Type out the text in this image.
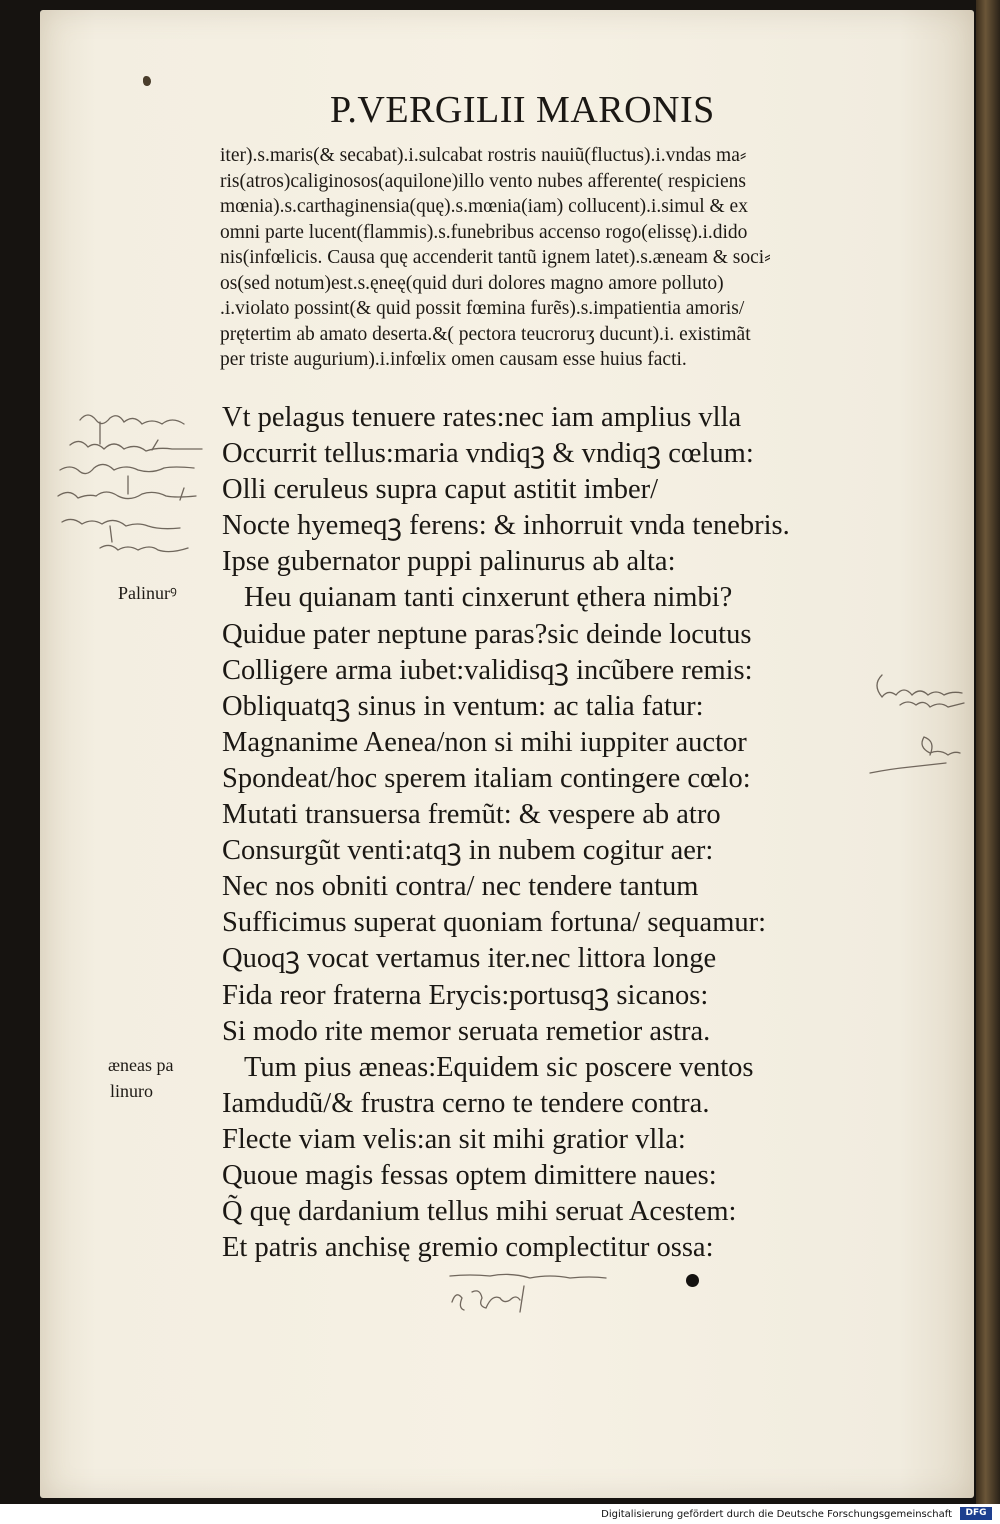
P.VERGILII MARONIS
iter).s.maris(& secabat).i.sulcabat rostris nauiũ(fluctus).i.vndas ma⸗
ris(atros)caliginosos(aquilone)illo vento nubes afferente( respiciens
mœnia).s.carthaginensia(quę).s.mœnia(iam) collucent).i.simul & ex
omni parte lucent(flammis).s.funebribus accenso rogo(elissę).i.dido
nis(infœlicis. Causa quę accenderit tantũ ignem latet).s.æneam & soci⸗
os(sed notum)est.s.ęneę(quid duri dolores magno amore polluto)
.i.violato possint(& quid possit fœmina furẽs).s.impatientia amoris/
prętertim ab amato deserta.&( pectora teucroruʒ ducunt).i. existimãt
per triste augurium).i.infœlix omen causam esse huius facti.
Vt pelagus tenuere rates:nec iam amplius vlla
Occurrit tellus:maria vndiqꝫ & vndiqꝫ cœlum:
Olli ceruleus supra caput astitit imber/
Nocte hyemeqꝫ ferens: & inhorruit vnda tenebris.
Ipse gubernator puppi palinurus ab alta:
Heu quianam tanti cinxerunt ęthera nimbi?
Quidue pater neptune paras?sic deinde locutus
Colligere arma iubet:validisqꝫ incũbere remis:
Obliquatqꝫ sinus in ventum: ac talia fatur:
Magnanime Aenea/non si mihi iuppiter auctor
Spondeat/hoc sperem italiam contingere cœlo:
Mutati transuersa fremũt: & vespere ab atro
Consurgũt venti:atqꝫ in nubem cogitur aer:
Nec nos obniti contra/ nec tendere tantum
Sufficimus superat quoniam fortuna/ sequamur:
Quoqꝫ vocat vertamus iter.nec littora longe
Fida reor fraterna Erycis:portusqꝫ sicanos:
Si modo rite memor seruata remetior astra.
Tum pius æneas:Equidem sic poscere ventos
Iamdudũ/& frustra cerno te tendere contra.
Flecte viam velis:an sit mihi gratior vlla:
Quoue magis fessas optem dimittere naues:
Q̃ quę dardanium tellus mihi seruat Acestem:
Et patris anchisę gremio complectitur ossa:
Palinurꝰ
æneas pa
linuro
Digitalisierung gefördert durch die Deutsche Forschungsgemeinschaft	DFG
